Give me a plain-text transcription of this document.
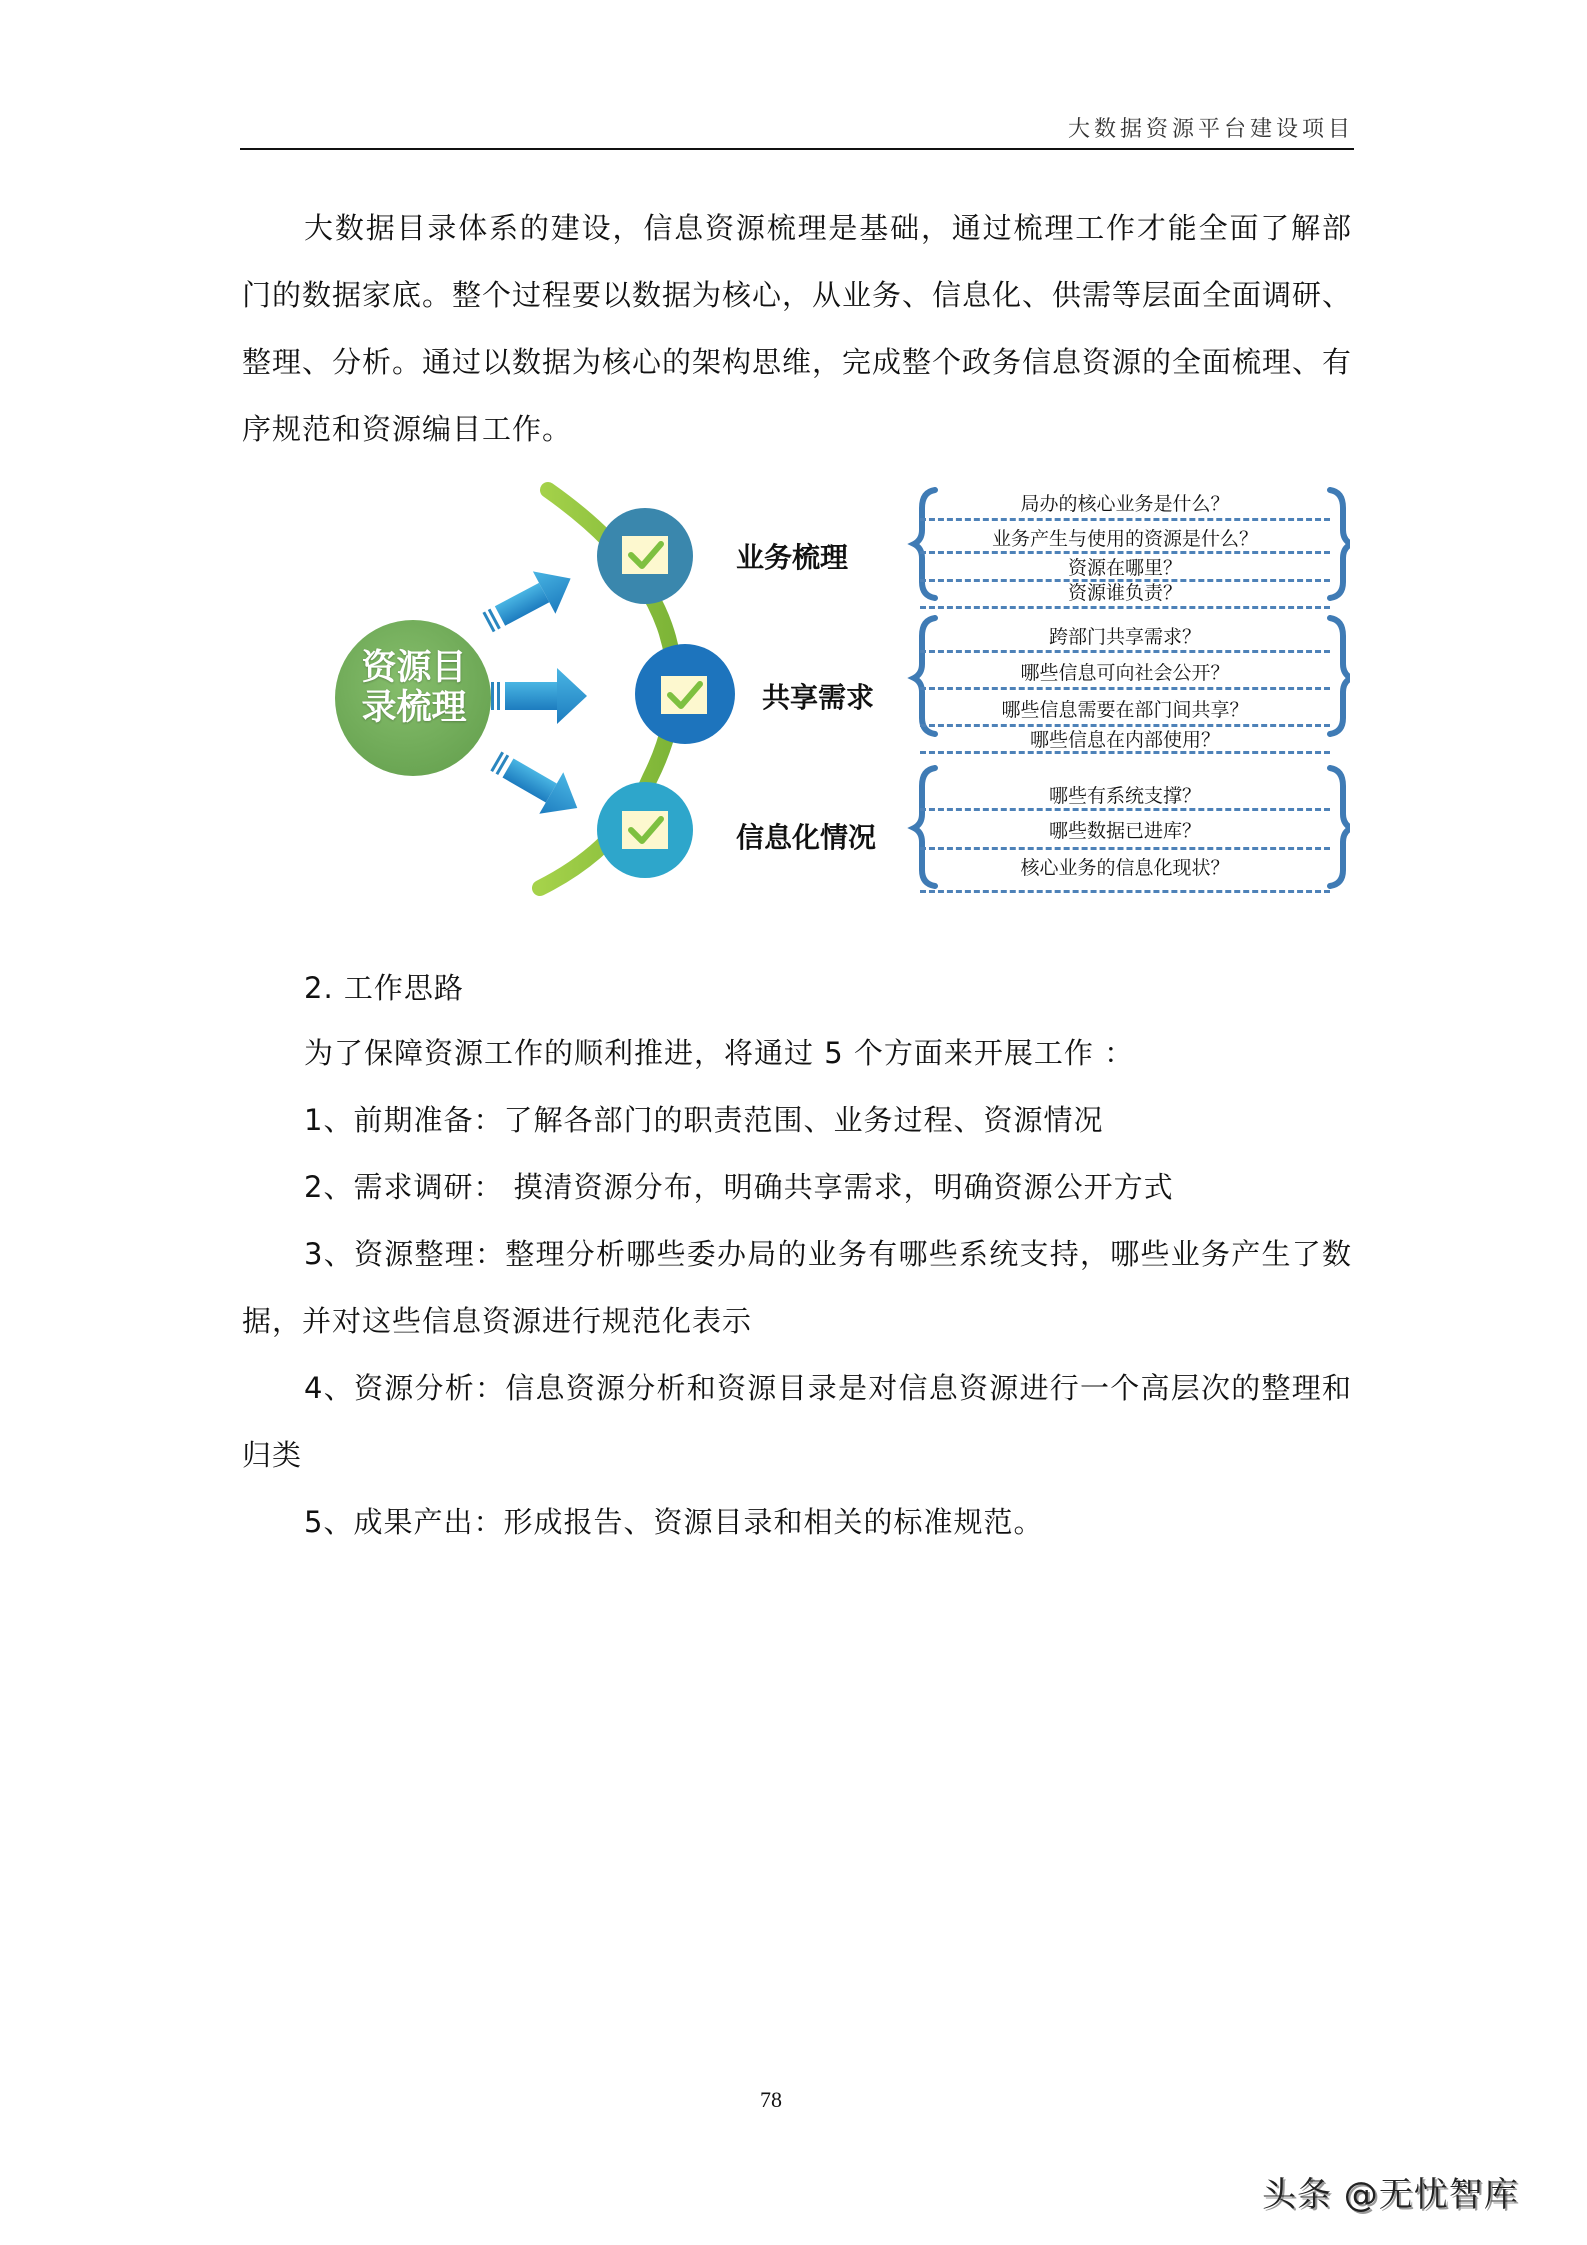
大数据资源平台建设项目

大数据目录体系的建设，信息资源梳理是基础，通过梳理工作才能全面了解部门的数据家底。整个过程要以数据为核心，从业务、信息化、供需等层面全面调研、整理、分析。通过以数据为核心的架构思维，完成整个政务信息资源的全面梳理、有序规范和资源编目工作。

资源目
录梳理
业务梳理
共享需求
信息化情况
局办的核心业务是什么？
业务产生与使用的资源是什么？
资源在哪里？
资源谁负责？
跨部门共享需求？
哪些信息可向社会公开？
哪些信息需要在部门间共享？
哪些信息在内部使用？
哪些有系统支撑？
哪些数据已进库？
核心业务的信息化现状？

2. 工作思路

为了保障资源工作的顺利推进，将通过 5 个方面来开展工作 ：

1、前期准备：了解各部门的职责范围、业务过程、资源情况

2、需求调研： 摸清资源分布，明确共享需求，明确资源公开方式

3、资源整理：整理分析哪些委办局的业务有哪些系统支持，哪些业务产生了数据，并对这些信息资源进行规范化表示

4、资源分析：信息资源分析和资源目录是对信息资源进行一个高层次的整理和归类

5、成果产出：形成报告、资源目录和相关的标准规范。

78
头条 @无忧智库
